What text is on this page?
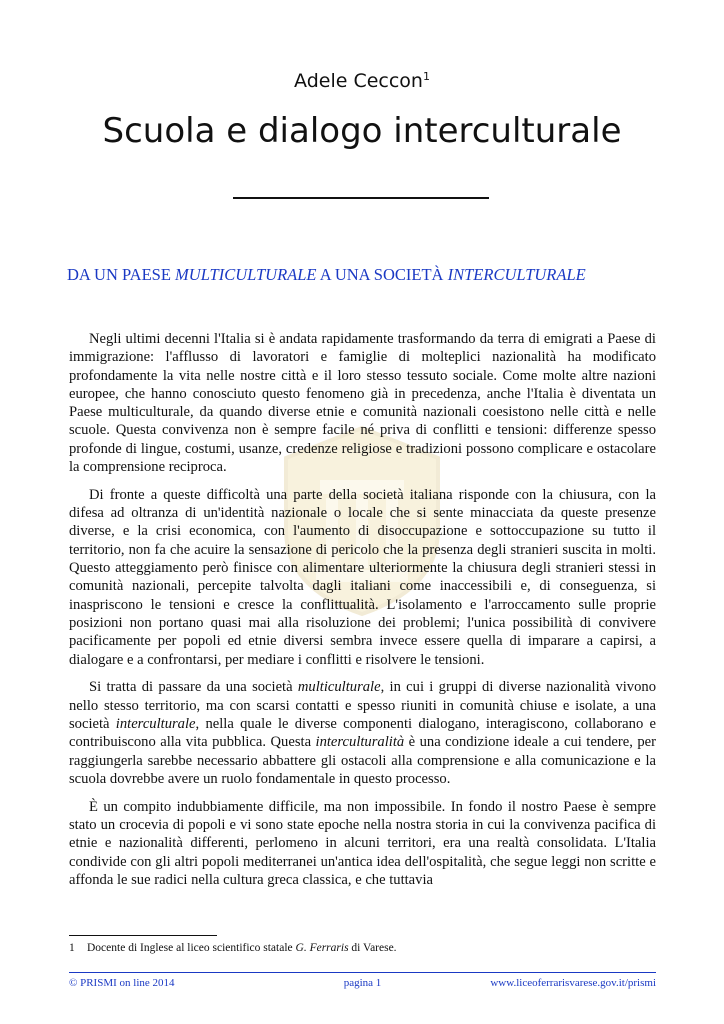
Adele Ceccon$^1$
Scuola e dialogo interculturale
DA UN PAESE MULTICULTURALE A UNA SOCIETÀ INTERCULTURALE

Negli ultimi decenni l'Italia si è andata rapidamente trasformando da terra di emigrati a Paese di immigrazione: l'afflusso di lavoratori e famiglie di molteplici nazionalità ha modificato profondamente la vita nelle nostre città e il loro stesso tessuto sociale. Come molte altre nazioni europee, che hanno conosciuto questo fenomeno già in precedenza, anche l'Italia è diventata un Paese multiculturale, da quando diverse etnie e comunità nazionali coesistono nelle città e nelle scuole. Questa convivenza non è sempre facile né priva di conflitti e tensioni: differenze spesso profonde di lingue, costumi, usanze, credenze religiose e tradizioni possono complicare e ostacolare la comprensione reciproca.

Di fronte a queste difficoltà una parte della società italiana risponde con la chiusura, con la difesa ad oltranza di un'identità nazionale o locale che si sente minacciata da queste presenze diverse, e la crisi economica, con l'aumento di disoccupazione e sottoccupazione su tutto il territorio, non fa che acuire la sensazione di pericolo che la presenza degli stranieri suscita in molti. Questo atteggiamento però finisce con alimentare ulteriormente la chiusura degli stranieri stessi in comunità nazionali, percepite talvolta dagli italiani come inaccessibili e, di conseguenza, si inaspriscono le tensioni e cresce la conflittualità. L'isolamento e l'arroccamento sulle proprie posizioni non portano quasi mai alla risoluzione dei problemi; l'unica possibilità di convivere pacificamente per popoli ed etnie diversi sembra invece essere quella di imparare a capirsi, a dialogare e a confrontarsi, per mediare i conflitti e risolvere le tensioni.

Si tratta di passare da una società multiculturale, in cui i gruppi di diverse nazionalità vivono nello stesso territorio, ma con scarsi contatti e spesso riuniti in comunità chiuse e isolate, a una società interculturale, nella quale le diverse componenti dialogano, interagiscono, collaborano e contribuiscono alla vita pubblica. Questa interculturalità è una condizione ideale a cui tendere, per raggiungerla sarebbe necessario abbattere gli ostacoli alla comprensione e alla comunicazione e la scuola dovrebbe avere un ruolo fondamentale in questo processo.

È un compito indubbiamente difficile, ma non impossibile. In fondo il nostro Paese è sempre stato un crocevia di popoli e vi sono state epoche nella nostra storia in cui la convivenza pacifica di etnie e nazionalità differenti, perlomeno in alcuni territori, era una realtà consolidata. L'Italia condivide con gli altri popoli mediterranei un'antica idea dell'ospitalità, che segue leggi non scritte e affonda le sue radici nella cultura greca classica, e che tuttavia

1 Docente di Inglese al liceo scientifico statale G. Ferraris di Varese.
© PRISMI on line 2014	pagina 1	www.liceoferrarisvarese.gov.it/prismi
